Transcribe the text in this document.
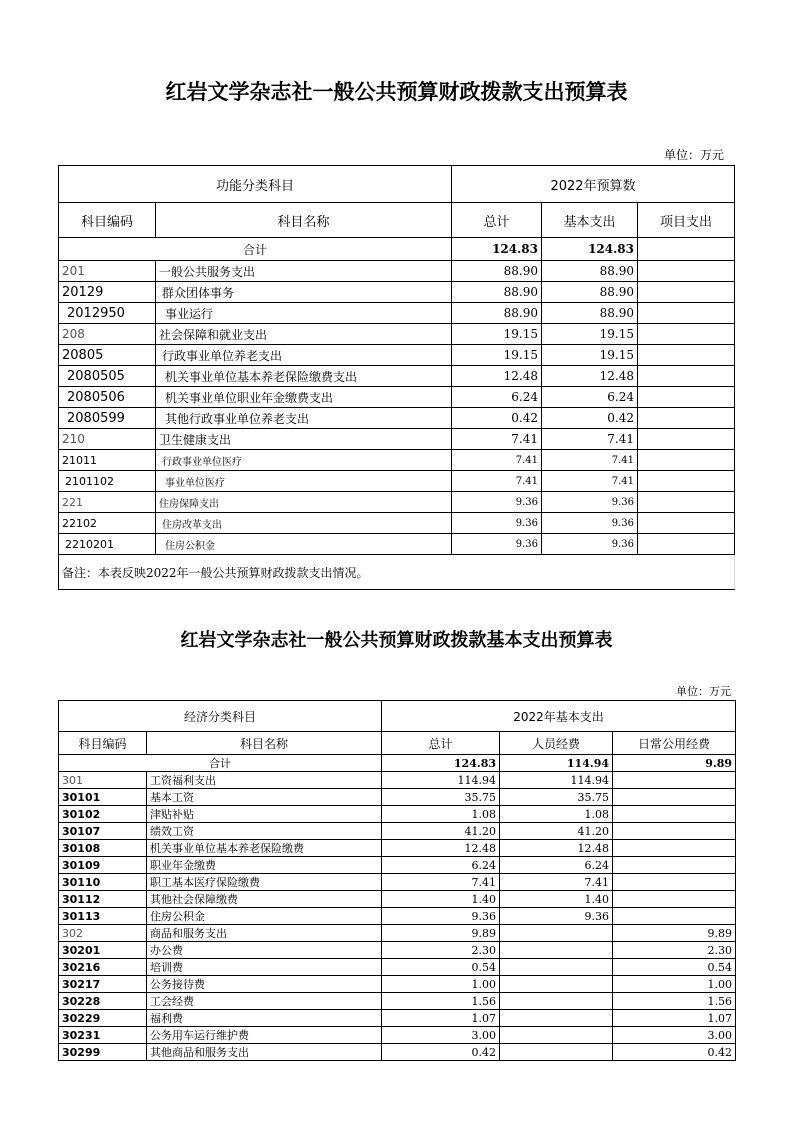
红岩文学杂志社一般公共预算财政拨款支出预算表
单位：万元
功能分类科目		2022年预算数		
科目编码	科目名称	总计	基本支出	项目支出
合计		124.83	124.83	
201	一般公共服务支出	88.90	88.90	
20129	群众团体事务	88.90	88.90	
2012950	事业运行	88.90	88.90	
208	社会保障和就业支出	19.15	19.15	
20805	行政事业单位养老支出	19.15	19.15	
2080505	机关事业单位基本养老保险缴费支出	12.48	12.48	
2080506	机关事业单位职业年金缴费支出	6.24	6.24	
2080599	其他行政事业单位养老支出	0.42	0.42	
210	卫生健康支出	7.41	7.41	
21011	行政事业单位医疗	7.41	7.41	
2101102	事业单位医疗	7.41	7.41	
221	住房保障支出	9.36	9.36	
22102	住房改革支出	9.36	9.36	
2210201	住房公积金	9.36	9.36	
备注：本表反映2022年一般公共预算财政拨款支出情况。				
红岩文学杂志社一般公共预算财政拨款基本支出预算表
单位：万元
经济分类科目		2022年基本支出		
科目编码	科目名称	总计	人员经费	日常公用经费
合计		124.83	114.94	9.89
301	工资福利支出	114.94	114.94	
30101	基本工资	35.75	35.75	
30102	津贴补贴	1.08	1.08	
30107	绩效工资	41.20	41.20	
30108	机关事业单位基本养老保险缴费	12.48	12.48	
30109	职业年金缴费	6.24	6.24	
30110	职工基本医疗保险缴费	7.41	7.41	
30112	其他社会保障缴费	1.40	1.40	
30113	住房公积金	9.36	9.36	
302	商品和服务支出	9.89		9.89
30201	办公费	2.30		2.30
30216	培训费	0.54		0.54
30217	公务接待费	1.00		1.00
30228	工会经费	1.56		1.56
30229	福利费	1.07		1.07
30231	公务用车运行维护费	3.00		3.00
30299	其他商品和服务支出	0.42		0.42
